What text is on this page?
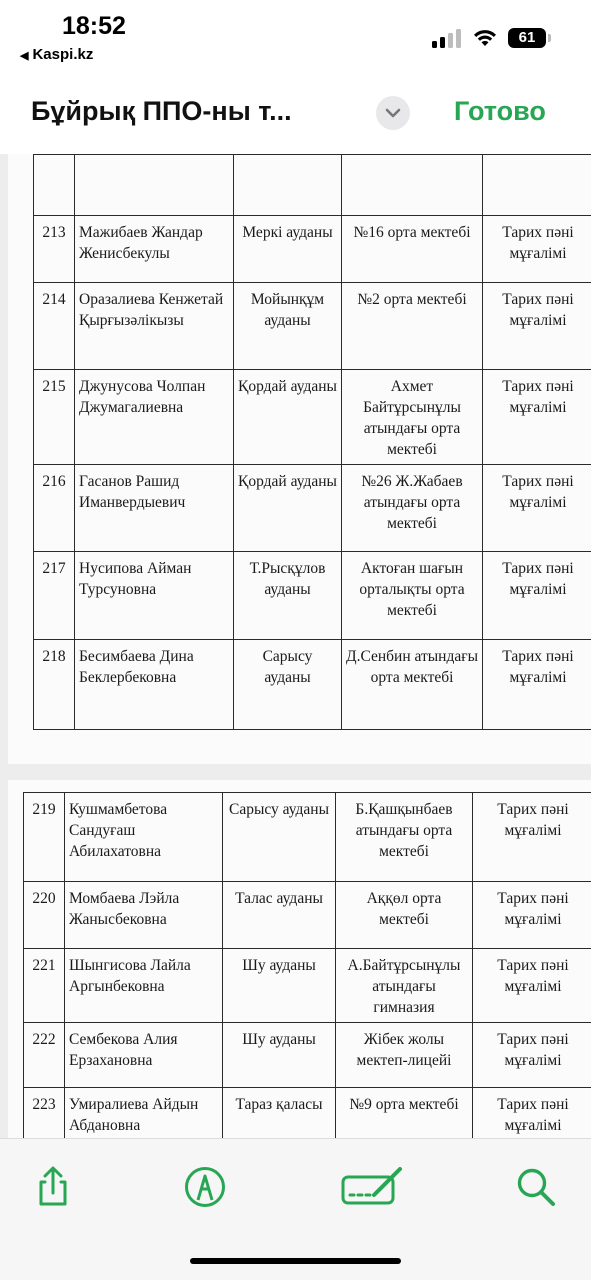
18:52
◀ Kaspi.kz
61
Бұйрық ППО-ны т...	Готово

213	Мажибаев Жандар Женисбекулы	Меркі ауданы	№16 орта мектебі	Тарих пәні мұғалімі
214	Оразалиева Кенжетай Қырғызәлiкызы	Мойынқұм ауданы	№2 орта мектебі	Тарих пәні мұғалімі
215	Джунусова Чолпан Джумагалиевна	Қордай ауданы	Ахмет Байтұрсынұлы атындағы орта мектебі	Тарих пәні мұғалімі
216	Гасанов Рашид Иманвердыевич	Қордай ауданы	№26 Ж.Жабаев атындағы орта мектебі	Тарих пәні мұғалімі
217	Нусипова Айман Турсуновна	Т.Рысқұлов ауданы	Актоған шағын орталықты орта мектебі	Тарих пәні мұғалімі
218	Бесимбаева Дина Беклербековна	Сарысу ауданы	Д.Сенбин атындағы орта мектебі	Тарих пәні мұғалімі
219	Кушмамбетова Сандуғаш Абилахатовна	Сарысу ауданы	Б.Қашқынбаев атындағы орта мектебі	Тарих пәні мұғалімі
220	Момбаева Лэйла Жанысбековна	Талас ауданы	Аққөл орта мектебі	Тарих пәні мұғалімі
221	Шынгисова Лайла Аргынбековна	Шу ауданы	А.Байтұрсынұлы атындағы гимназия	Тарих пәні мұғалімі
222	Сембекова Алия Ерзахановна	Шу ауданы	Жібек жолы мектеп-лицейі	Тарих пәні мұғалімі
223	Умиралиева Айдын Абдановна	Тараз қаласы	№9 орта мектебі	Тарих пәні мұғалімі
